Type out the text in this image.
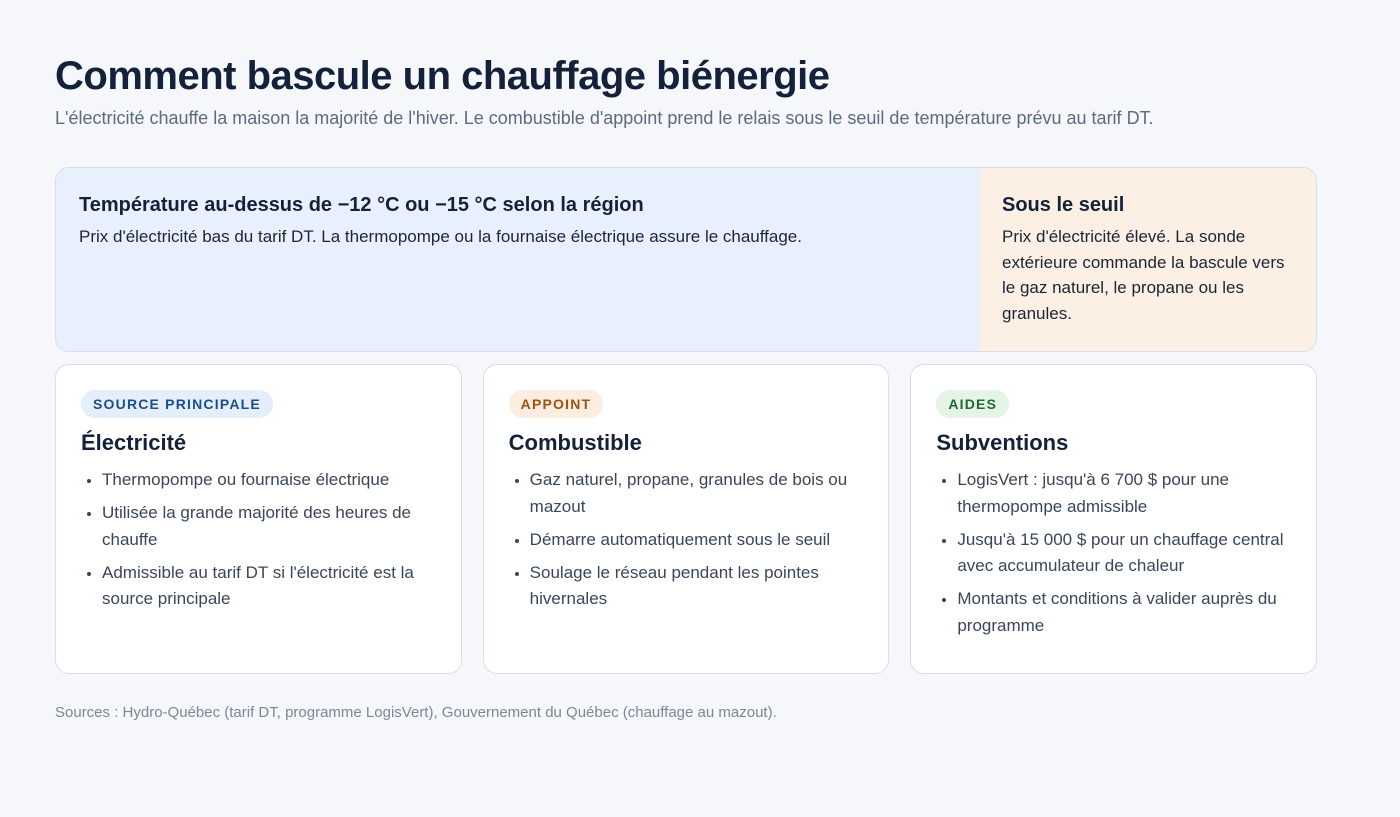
Comment bascule un chauffage biénergie

L'électricité chauffe la maison la majorité de l'hiver. Le combustible d'appoint prend le relais sous le seuil de température prévu au tarif DT.

Température au-dessus de −12 °C ou −15 °C selon la région

Prix d'électricité bas du tarif DT. La thermopompe ou la fournaise électrique assure le chauffage.

Sous le seuil

Prix d'électricité élevé. La sonde extérieure commande la bascule vers le gaz naturel, le propane ou les granules.

SOURCE PRINCIPALE
Électricité
• Thermopompe ou fournaise électrique
• Utilisée la grande majorité des heures de chauffe
• Admissible au tarif DT si l'électricité est la source principale
APPOINT
Combustible
• Gaz naturel, propane, granules de bois ou mazout
• Démarre automatiquement sous le seuil
• Soulage le réseau pendant les pointes hivernales
AIDES
Subventions
• LogisVert : jusqu'à 6 700 $ pour une thermopompe admissible
• Jusqu'à 15 000 $ pour un chauffage central avec accumulateur de chaleur
• Montants et conditions à valider auprès du programme

Sources : Hydro-Québec (tarif DT, programme LogisVert), Gouvernement du Québec (chauffage au mazout).
